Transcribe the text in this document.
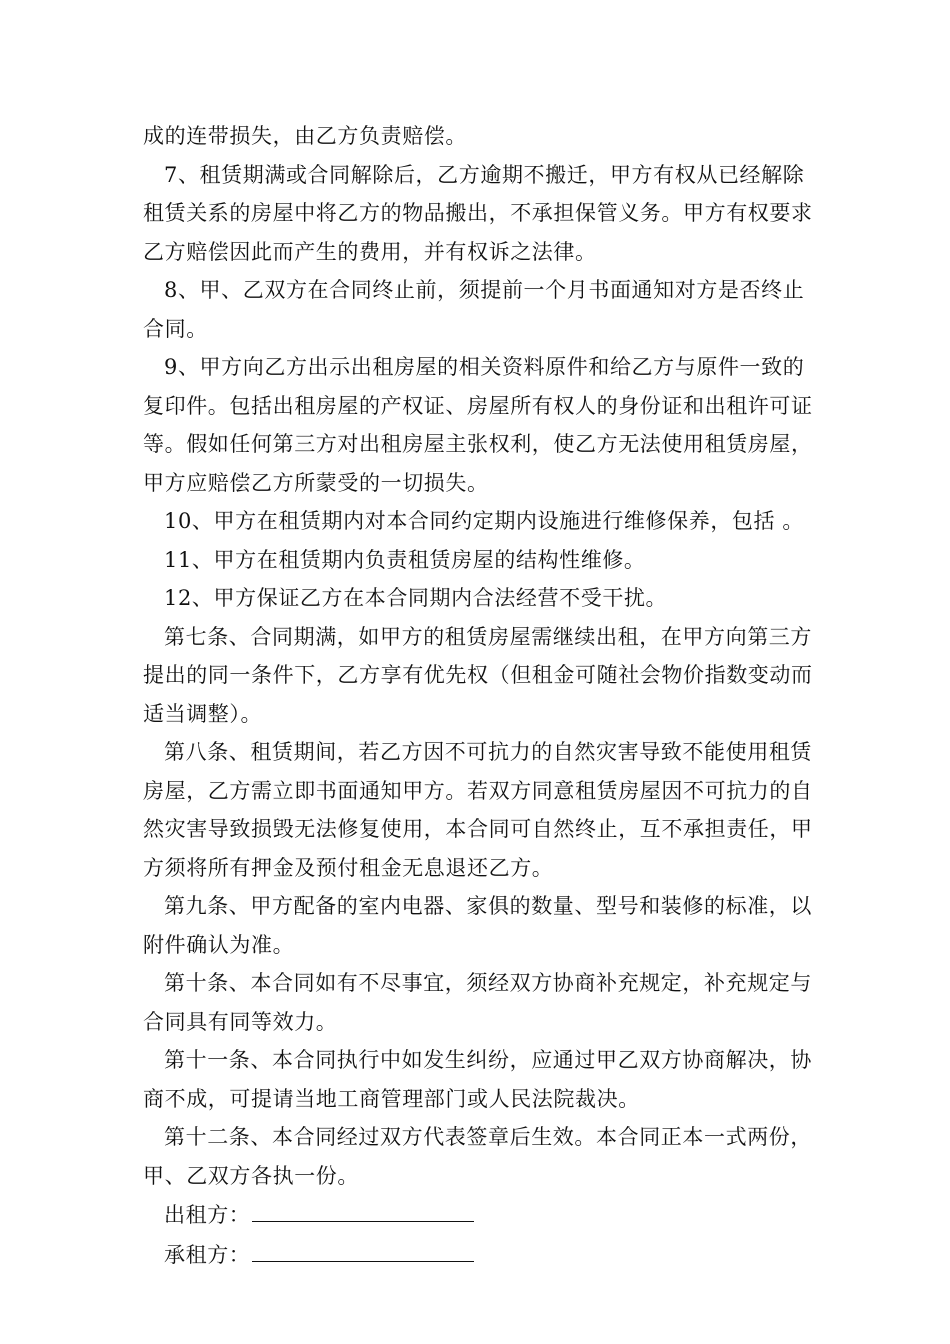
成的连带损失，由乙方负责赔偿。

7、租赁期满或合同解除后，乙方逾期不搬迁，甲方有权从已经解除租赁关系的房屋中将乙方的物品搬出，不承担保管义务。甲方有权要求乙方赔偿因此而产生的费用，并有权诉之法律。

8、甲、乙双方在合同终止前，须提前一个月书面通知对方是否终止合同。

9、甲方向乙方出示出租房屋的相关资料原件和给乙方与原件一致的复印件。包括出租房屋的产权证、房屋所有权人的身份证和出租许可证等。假如任何第三方对出租房屋主张权利，使乙方无法使用租赁房屋，甲方应赔偿乙方所蒙受的一切损失。

10、甲方在租赁期内对本合同约定期内设施进行维修保养，包括 。

11、甲方在租赁期内负责租赁房屋的结构性维修。

12、甲方保证乙方在本合同期内合法经营不受干扰。

第七条、合同期满，如甲方的租赁房屋需继续出租，在甲方向第三方提出的同一条件下，乙方享有优先权（但租金可随社会物价指数变动而适当调整）。

第八条、租赁期间，若乙方因不可抗力的自然灾害导致不能使用租赁房屋，乙方需立即书面通知甲方。若双方同意租赁房屋因不可抗力的自然灾害导致损毁无法修复使用，本合同可自然终止，互不承担责任，甲方须将所有押金及预付租金无息退还乙方。

第九条、甲方配备的室内电器、家俱的数量、型号和装修的标准，以附件确认为准。

第十条、本合同如有不尽事宜，须经双方协商补充规定，补充规定与合同具有同等效力。

第十一条、本合同执行中如发生纠纷，应通过甲乙双方协商解决，协商不成，可提请当地工商管理部门或人民法院裁决。

第十二条、本合同经过双方代表签章后生效。本合同正本一式两份，甲、乙双方各执一份。

出租方：

承租方：
